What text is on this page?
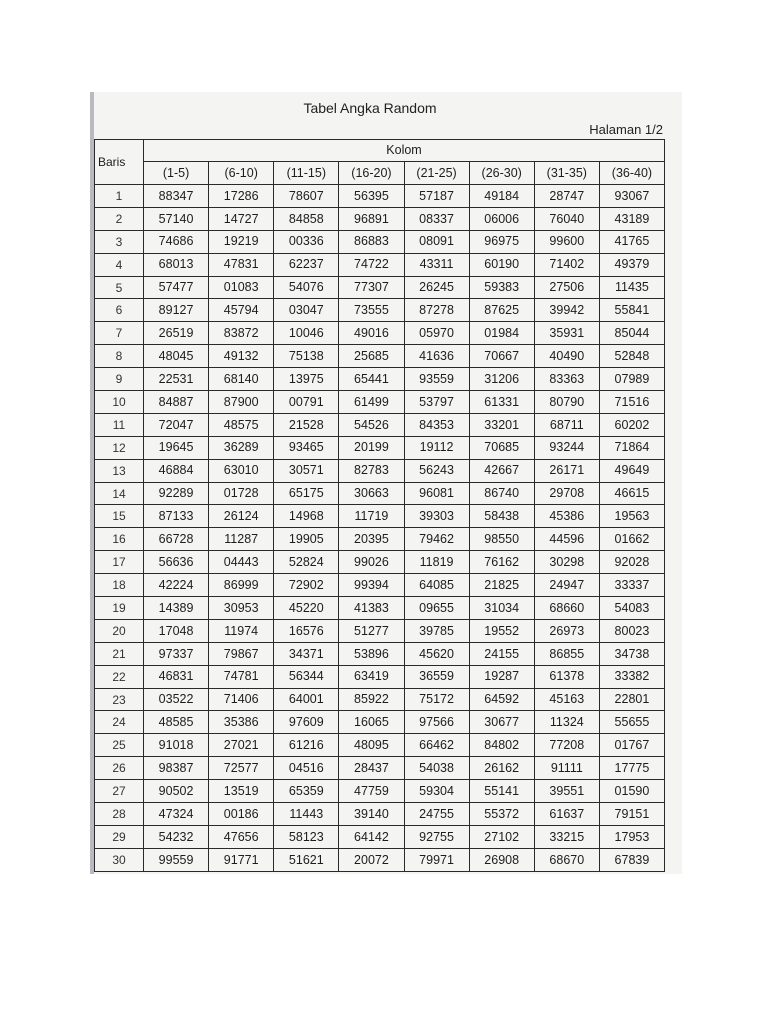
Tabel Angka Random
Halaman 1/2
Baris	Kolom							
	(1-5)	(6-10)	(11-15)	(16-20)	(21-25)	(26-30)	(31-35)	(36-40)
1	88347	17286	78607	56395	57187	49184	28747	93067
2	57140	14727	84858	96891	08337	06006	76040	43189
3	74686	19219	00336	86883	08091	96975	99600	41765
4	68013	47831	62237	74722	43311	60190	71402	49379
5	57477	01083	54076	77307	26245	59383	27506	11435
6	89127	45794	03047	73555	87278	87625	39942	55841
7	26519	83872	10046	49016	05970	01984	35931	85044
8	48045	49132	75138	25685	41636	70667	40490	52848
9	22531	68140	13975	65441	93559	31206	83363	07989
10	84887	87900	00791	61499	53797	61331	80790	71516
11	72047	48575	21528	54526	84353	33201	68711	60202
12	19645	36289	93465	20199	19112	70685	93244	71864
13	46884	63010	30571	82783	56243	42667	26171	49649
14	92289	01728	65175	30663	96081	86740	29708	46615
15	87133	26124	14968	11719	39303	58438	45386	19563
16	66728	11287	19905	20395	79462	98550	44596	01662
17	56636	04443	52824	99026	11819	76162	30298	92028
18	42224	86999	72902	99394	64085	21825	24947	33337
19	14389	30953	45220	41383	09655	31034	68660	54083
20	17048	11974	16576	51277	39785	19552	26973	80023
21	97337	79867	34371	53896	45620	24155	86855	34738
22	46831	74781	56344	63419	36559	19287	61378	33382
23	03522	71406	64001	85922	75172	64592	45163	22801
24	48585	35386	97609	16065	97566	30677	11324	55655
25	91018	27021	61216	48095	66462	84802	77208	01767
26	98387	72577	04516	28437	54038	26162	91111	17775
27	90502	13519	65359	47759	59304	55141	39551	01590
28	47324	00186	11443	39140	24755	55372	61637	79151
29	54232	47656	58123	64142	92755	27102	33215	17953
30	99559	91771	51621	20072	79971	26908	68670	67839
